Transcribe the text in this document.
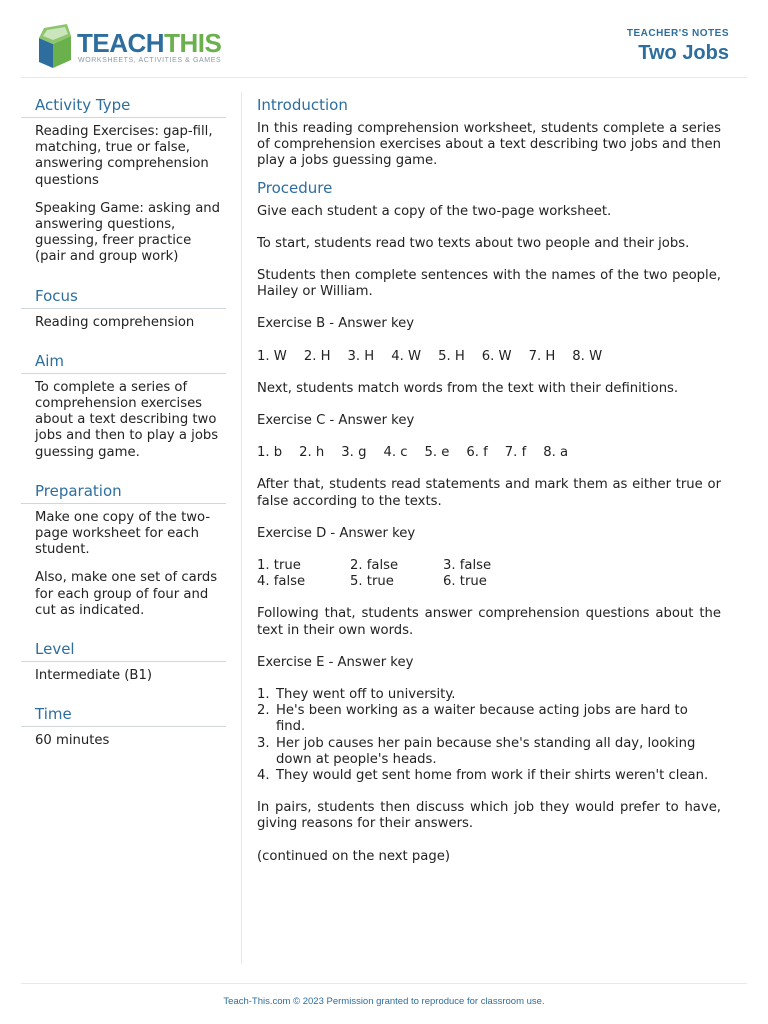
TEACHTHIS
WORKSHEETS, ACTIVITIES & GAMES
TEACHER'S NOTES
Two Jobs
Activity Type

Reading Exercises: gap-fill, matching, true or false, answering comprehension questions

Speaking Game: asking and answering questions, guessing, freer practice (pair and group work)

Focus

Reading comprehension

Aim

To complete a series of comprehension exercises about a text describing two jobs and then to play a jobs guessing game.

Preparation

Make one copy of the two-page worksheet for each student.

Also, make one set of cards for each group of four and cut as indicated.

Level

Intermediate (B1)

Time

60 minutes

Introduction

In this reading comprehension worksheet, students complete a series of comprehension exercises about a text describing two jobs and then play a jobs guessing game.

Procedure

Give each student a copy of the two-page worksheet.

To start, students read two texts about two people and their jobs.

Students then complete sentences with the names of the two people, Hailey or William.

Exercise B - Answer key

1. W 2. H 3. H 4. W 5. H 6. W 7. H 8. W

Next, students match words from the text with their definitions.

Exercise C - Answer key

1. b 2. h 3. g 4. c 5. e 6. f 7. f 8. a

After that, students read statements and mark them as either true or false according to the texts.

Exercise D - Answer key

1. true	2. false	3. false
4. false	5. true	6. true

Following that, students answer comprehension questions about the text in their own words.

Exercise E - Answer key

1. They went off to university.
2. He's been working as a waiter because acting jobs are hard to find.
3. Her job causes her pain because she's standing all day, looking down at people's heads.
4. They would get sent home from work if their shirts weren't clean.

In pairs, students then discuss which job they would prefer to have, giving reasons for their answers.

(continued on the next page)

Teach-This.com © 2023 Permission granted to reproduce for classroom use.
